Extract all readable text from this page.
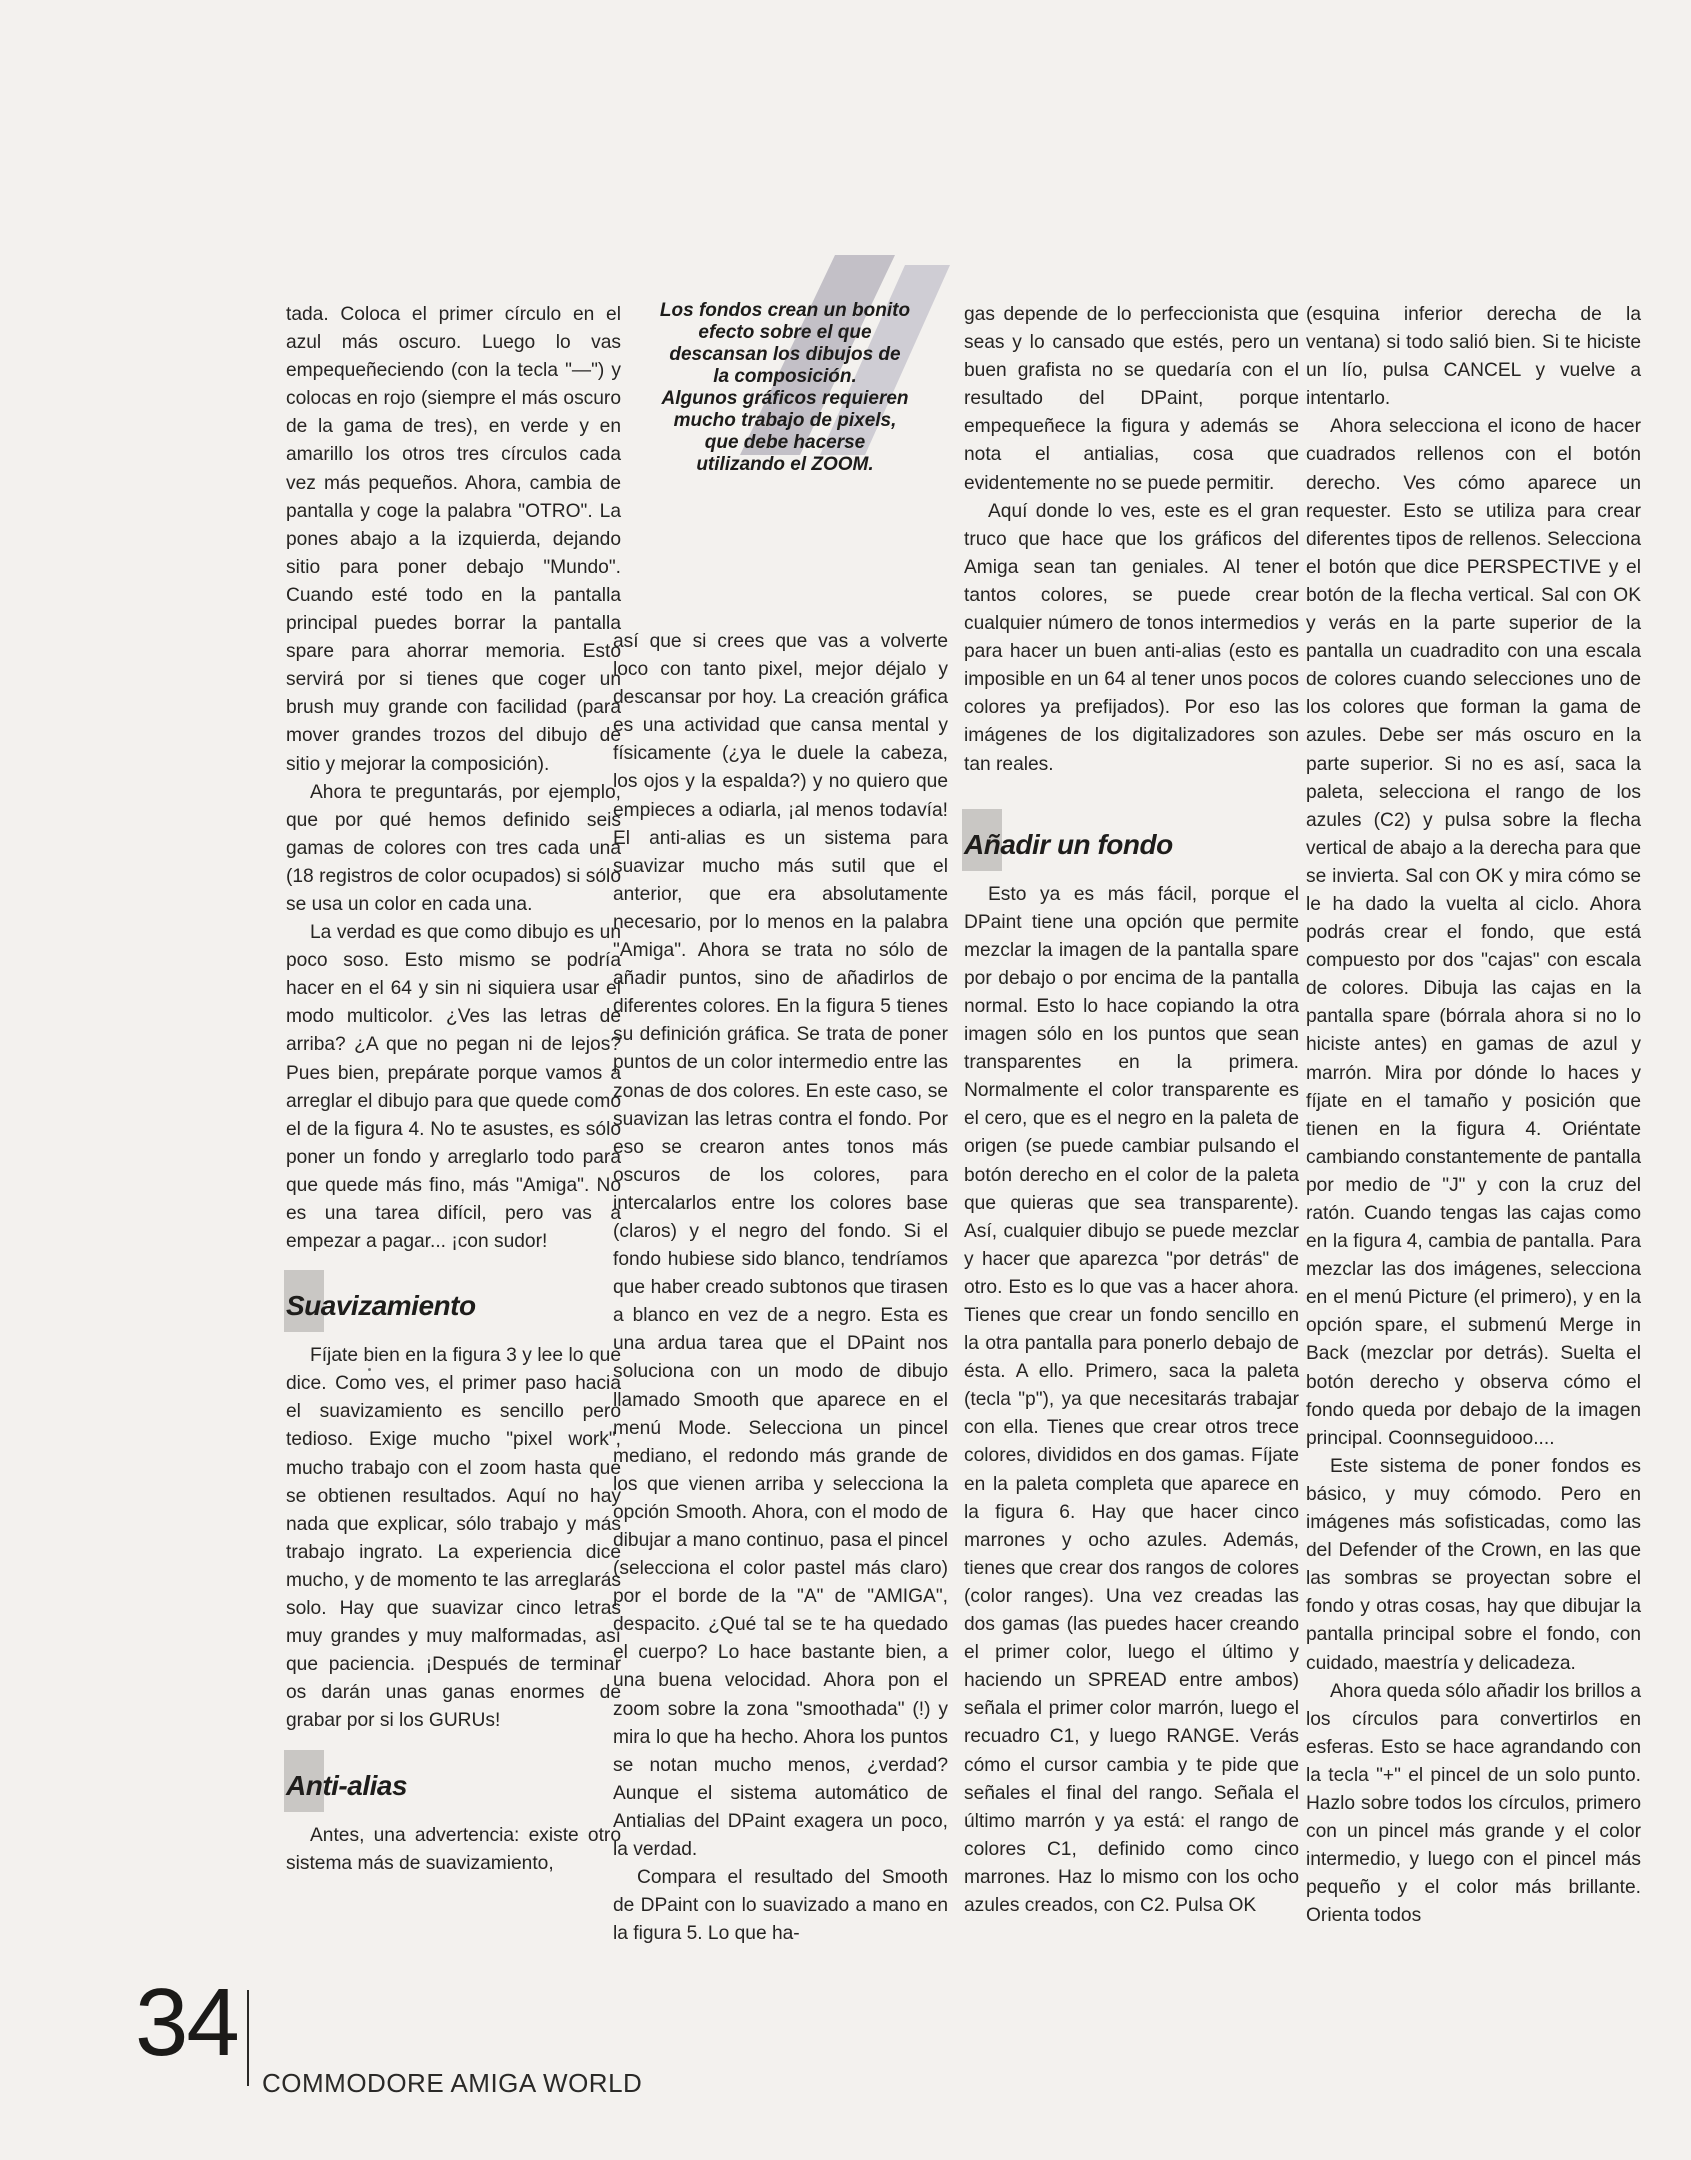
Los fondos crean un bonito
efecto sobre el que
descansan los dibujos de
la composición.
Algunos gráficos requieren
mucho trabajo de pixels,
que debe hacerse
utilizando el ZOOM.

tada. Coloca el primer círculo en el azul más oscuro. Luego lo vas empequeñeciendo (con la tecla "—") y colocas en rojo (siempre el más oscuro de la gama de tres), en verde y en amarillo los otros tres círculos cada vez más pequeños. Ahora, cambia de pantalla y coge la palabra "OTRO". La pones abajo a la izquierda, dejando sitio para poner debajo "Mundo". Cuando esté todo en la pantalla principal puedes borrar la pantalla spare para ahorrar memoria. Esto servirá por si tienes que coger un brush muy grande con facilidad (para mover grandes trozos del dibujo de sitio y mejorar la composición).

Ahora te preguntarás, por ejemplo, que por qué hemos definido seis gamas de colores con tres cada una (18 registros de color ocupados) si sólo se usa un color en cada una.

La verdad es que como dibujo es un poco soso. Esto mismo se podría hacer en el 64 y sin ni siquiera usar el modo multicolor. ¿Ves las letras de arriba? ¿A que no pegan ni de lejos? Pues bien, prepárate porque vamos a arreglar el dibujo para que quede como el de la figura 4. No te asustes, es sólo poner un fondo y arreglarlo todo para que quede más fino, más "Amiga". No es una tarea difícil, pero vas a empezar a pagar... ¡con sudor!

Suavizamiento

Fíjate bien en la figura 3 y lee lo que dice. Como ves, el primer paso hacia el suavizamiento es sencillo pero tedioso. Exige mucho "pixel work", mucho trabajo con el zoom hasta que se obtienen resultados. Aquí no hay nada que explicar, sólo trabajo y más trabajo ingrato. La experiencia dice mucho, y de momento te las arreglarás solo. Hay que suavizar cinco letras muy grandes y muy malformadas, así que paciencia. ¡Después de terminar os darán unas ganas enormes de grabar por si los GURUs!

Anti-alias

Antes, una advertencia: existe otro sistema más de suavizamiento,

así que si crees que vas a volverte loco con tanto pixel, mejor déjalo y descansar por hoy. La creación gráfica es una actividad que cansa mental y físicamente (¿ya le duele la cabeza, los ojos y la espalda?) y no quiero que empieces a odiarla, ¡al menos todavía! El anti-alias es un sistema para suavizar mucho más sutil que el anterior, que era absolutamente necesario, por lo menos en la palabra "Amiga". Ahora se trata no sólo de añadir puntos, sino de añadirlos de diferentes colores. En la figura 5 tienes su definición gráfica. Se trata de poner puntos de un color intermedio entre las zonas de dos colores. En este caso, se suavizan las letras contra el fondo. Por eso se crearon antes tonos más oscuros de los colores, para intercalarlos entre los colores base (claros) y el negro del fondo. Si el fondo hubiese sido blanco, tendríamos que haber creado subtonos que tirasen a blanco en vez de a negro. Esta es una ardua tarea que el DPaint nos soluciona con un modo de dibujo llamado Smooth que aparece en el menú Mode. Selecciona un pincel mediano, el redondo más grande de los que vienen arriba y selecciona la opción Smooth. Ahora, con el modo de dibujar a mano continuo, pasa el pincel (selecciona el color pastel más claro) por el borde de la "A" de "AMIGA", despacito. ¿Qué tal se te ha quedado el cuerpo? Lo hace bastante bien, a una buena velocidad. Ahora pon el zoom sobre la zona "smoothada" (!) y mira lo que ha hecho. Ahora los puntos se notan mucho menos, ¿verdad? Aunque el sistema automático de Antialias del DPaint exagera un poco, la verdad.

Compara el resultado del Smooth de DPaint con lo suavizado a mano en la figura 5. Lo que ha-

gas depende de lo perfeccionista que seas y lo cansado que estés, pero un buen grafista no se quedaría con el resultado del DPaint, porque empequeñece la figura y además se nota el antialias, cosa que evidentemente no se puede permitir.

Aquí donde lo ves, este es el gran truco que hace que los gráficos del Amiga sean tan geniales. Al tener tantos colores, se puede crear cualquier número de tonos intermedios para hacer un buen anti-alias (esto es imposible en un 64 al tener unos pocos colores ya prefijados). Por eso las imágenes de los digitalizadores son tan reales.

Añadir un fondo

Esto ya es más fácil, porque el DPaint tiene una opción que permite mezclar la imagen de la pantalla spare por debajo o por encima de la pantalla normal. Esto lo hace copiando la otra imagen sólo en los puntos que sean transparentes en la primera. Normalmente el color transparente es el cero, que es el negro en la paleta de origen (se puede cambiar pulsando el botón derecho en el color de la paleta que quieras que sea transparente). Así, cualquier dibujo se puede mezclar y hacer que aparezca "por detrás" de otro. Esto es lo que vas a hacer ahora. Tienes que crear un fondo sencillo en la otra pantalla para ponerlo debajo de ésta. A ello. Primero, saca la paleta (tecla "p"), ya que necesitarás trabajar con ella. Tienes que crear otros trece colores, divididos en dos gamas. Fíjate en la paleta completa que aparece en la figura 6. Hay que hacer cinco marrones y ocho azules. Además, tienes que crear dos rangos de colores (color ranges). Una vez creadas las dos gamas (las puedes hacer creando el primer color, luego el último y haciendo un SPREAD entre ambos) señala el primer color marrón, luego el recuadro C1, y luego RANGE. Verás cómo el cursor cambia y te pide que señales el final del rango. Señala el último marrón y ya está: el rango de colores C1, definido como cinco marrones. Haz lo mismo con los ocho azules creados, con C2. Pulsa OK

(esquina inferior derecha de la ventana) si todo salió bien. Si te hiciste un lío, pulsa CANCEL y vuelve a intentarlo.

Ahora selecciona el icono de hacer cuadrados rellenos con el botón derecho. Ves cómo aparece un requester. Esto se utiliza para crear diferentes tipos de rellenos. Selecciona el botón que dice PERSPECTIVE y el botón de la flecha vertical. Sal con OK y verás en la parte superior de la pantalla un cuadradito con una escala de colores cuando selecciones uno de los colores que forman la gama de azules. Debe ser más oscuro en la parte superior. Si no es así, saca la paleta, selecciona el rango de los azules (C2) y pulsa sobre la flecha vertical de abajo a la derecha para que se invierta. Sal con OK y mira cómo se le ha dado la vuelta al ciclo. Ahora podrás crear el fondo, que está compuesto por dos "cajas" con escala de colores. Dibuja las cajas en la pantalla spare (bórrala ahora si no lo hiciste antes) en gamas de azul y marrón. Mira por dónde lo haces y fíjate en el tamaño y posición que tienen en la figura 4. Oriéntate cambiando constantemente de pantalla por medio de "J" y con la cruz del ratón. Cuando tengas las cajas como en la figura 4, cambia de pantalla. Para mezclar las dos imágenes, selecciona en el menú Picture (el primero), y en la opción spare, el submenú Merge in Back (mezclar por detrás). Suelta el botón derecho y observa cómo el fondo queda por debajo de la imagen principal. Coonnseguidooo....

Este sistema de poner fondos es básico, y muy cómodo. Pero en imágenes más sofisticadas, como las del Defender of the Crown, en las que las sombras se proyectan sobre el fondo y otras cosas, hay que dibujar la pantalla principal sobre el fondo, con cuidado, maestría y delicadeza.

Ahora queda sólo añadir los brillos a los círculos para convertirlos en esferas. Esto se hace agrandando con la tecla "+" el pincel de un solo punto. Hazlo sobre todos los círculos, primero con un pincel más grande y el color intermedio, y luego con el pincel más pequeño y el color más brillante. Orienta todos

34
COMMODORE AMIGA WORLD
